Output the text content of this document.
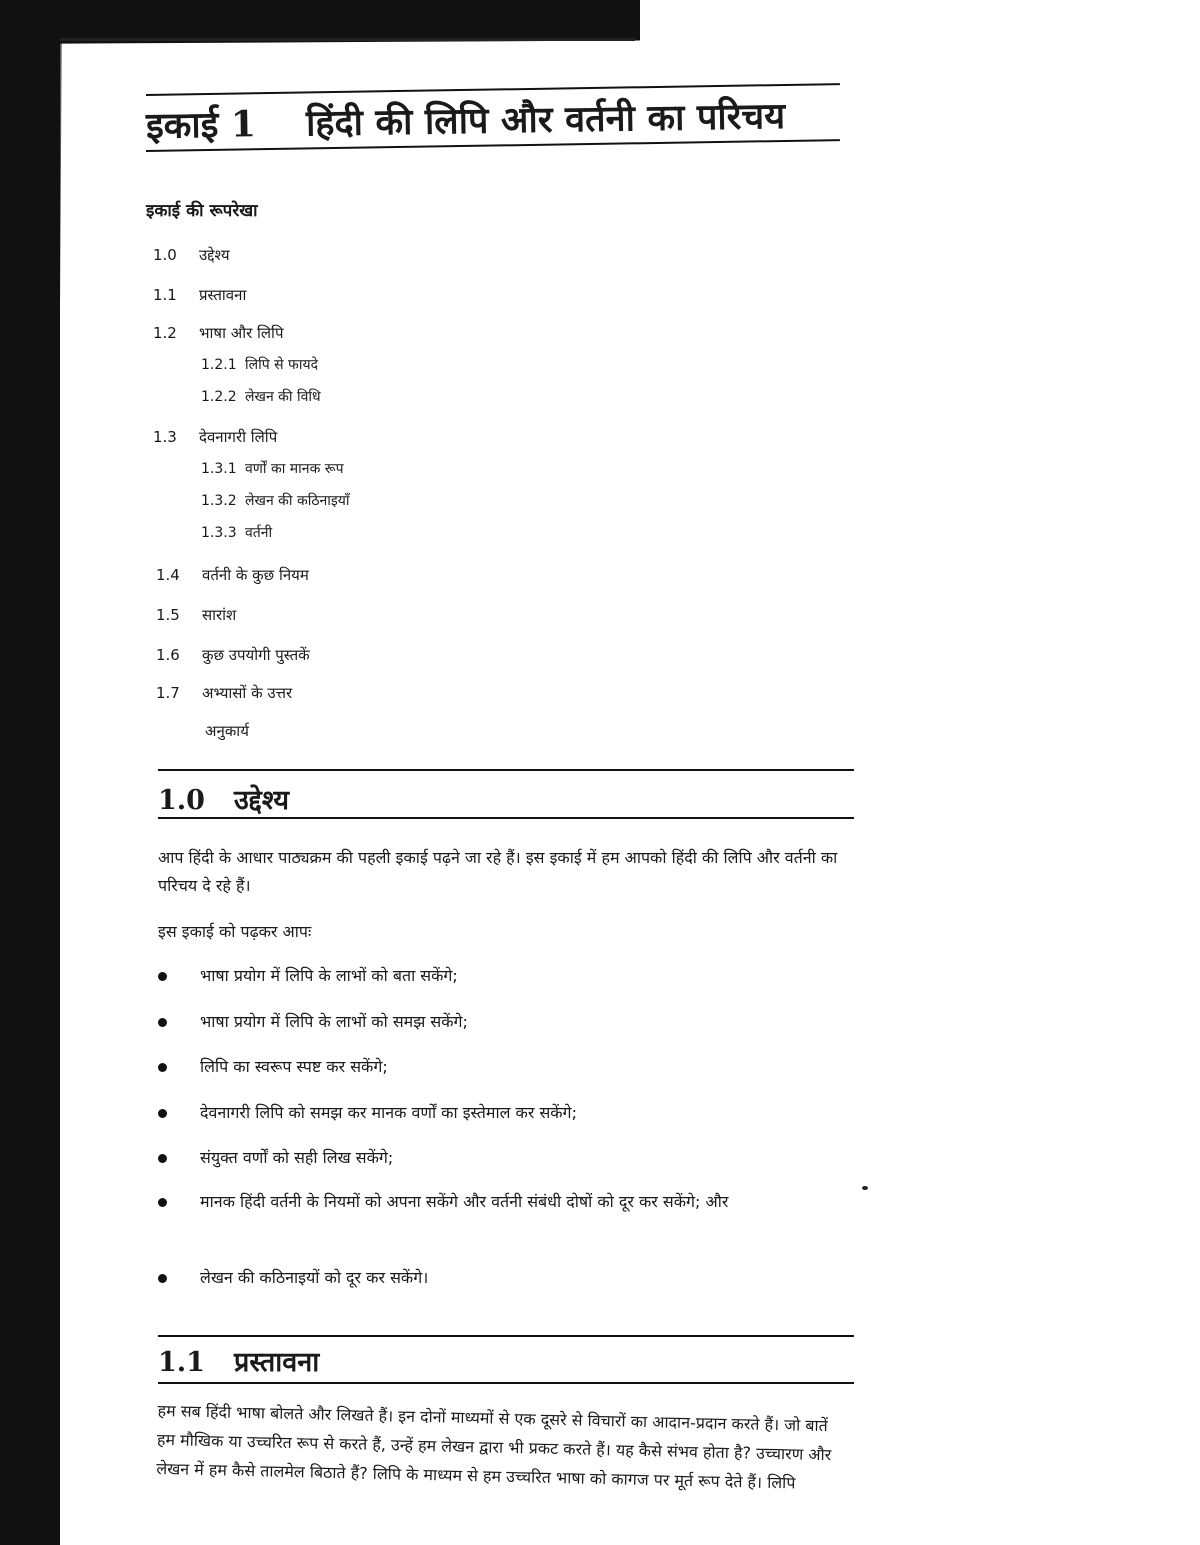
इकाई 1 हिंदी की लिपि और वर्तनी का परिचय
इकाई की रूपरेखा
1.0 उद्देश्य
1.1 प्रस्तावना
1.2 भाषा और लिपि
1.2.1 लिपि से फायदे
1.2.2 लेखन की विधि
1.3 देवनागरी लिपि
1.3.1 वर्णों का मानक रूप
1.3.2 लेखन की कठिनाइयाँ
1.3.3 वर्तनी
1.4 वर्तनी के कुछ नियम
1.5 सारांश
1.6 कुछ उपयोगी पुस्तकें
1.7 अभ्यासों के उत्तर
अनुकार्य
1.0 उद्देश्य
आप हिंदी के आधार पाठ्यक्रम की पहली इकाई पढ़ने जा रहे हैं। इस इकाई में हम आपको हिंदी की लिपि और वर्तनी का परिचय दे रहे हैं।
इस इकाई को पढ़कर आपः
भाषा प्रयोग में लिपि के लाभों को बता सकेंगे;
भाषा प्रयोग में लिपि के लाभों को समझ सकेंगे;
लिपि का स्वरूप स्पष्ट कर सकेंगे;
देवनागरी लिपि को समझ कर मानक वर्णों का इस्तेमाल कर सकेंगे;
संयुक्त वर्णों को सही लिख सकेंगे;
मानक हिंदी वर्तनी के नियमों को अपना सकेंगे और वर्तनी संबंधी दोषों को दूर कर सकेंगे; और
लेखन की कठिनाइयों को दूर कर सकेंगे।
1.1 प्रस्तावना
हम सब हिंदी भाषा बोलते और लिखते हैं। इन दोनों माध्यमों से एक दूसरे से विचारों का आदान-प्रदान करते हैं। जो बातें हम मौखिक या उच्चरित रूप से करते हैं, उन्हें हम लेखन द्वारा भी प्रकट करते हैं। यह कैसे संभव होता है? उच्चारण और लेखन में हम कैसे तालमेल बिठाते हैं? लिपि के माध्यम से हम उच्चरित भाषा को कागज पर मूर्त रूप देते हैं। लिपि
